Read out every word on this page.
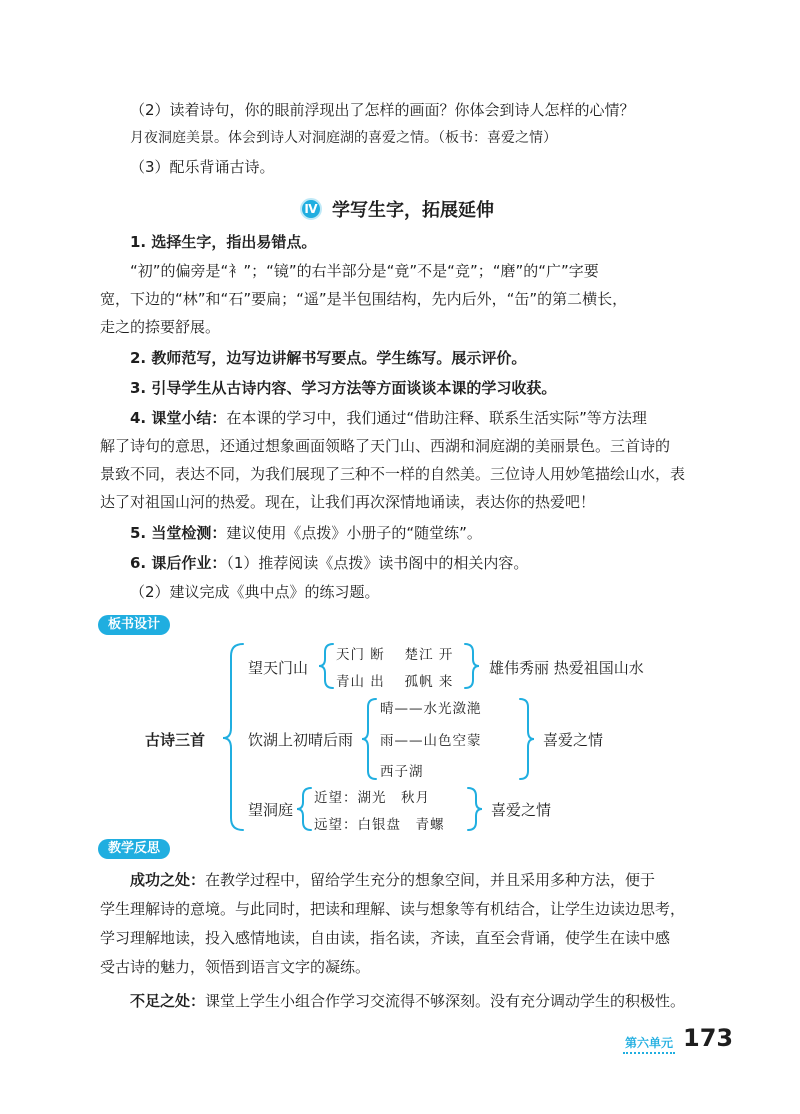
（2）读着诗句，你的眼前浮现出了怎样的画面？你体会到诗人怎样的心情？

月夜洞庭美景。体会到诗人对洞庭湖的喜爱之情。（板书：喜爱之情）

（3）配乐背诵古诗。

Ⅳ 学写生字，拓展延伸

1. 选择生字，指出易错点。

“初”的偏旁是“衤”；“镜”的右半部分是“竟”不是“竞”；“磨”的“广”字要

宽，下边的“林”和“石”要扁；“遥”是半包围结构，先内后外，“缶”的第二横长，

走之的捺要舒展。

2. 教师范写，边写边讲解书写要点。学生练写。展示评价。

3. 引导学生从古诗内容、学习方法等方面谈谈本课的学习收获。

4. 课堂小结：在本课的学习中，我们通过“借助注释、联系生活实际”等方法理

解了诗句的意思，还通过想象画面领略了天门山、西湖和洞庭湖的美丽景色。三首诗的

景致不同，表达不同，为我们展现了三种不一样的自然美。三位诗人用妙笔描绘山水，表

达了对祖国山河的热爱。现在，让我们再次深情地诵读，表达你的热爱吧！

5. 当堂检测：建议使用《点拨》小册子的“随堂练”。

6. 课后作业：（1）推荐阅读《点拨》读书阁中的相关内容。

（2）建议完成《典中点》的练习题。

板书设计
古诗三首
望天门山
天门 断　 楚江 开
青山 出　 孤帆 来
雄伟秀丽 热爱祖国山水
饮湖上初晴后雨
晴——水光潋滟
雨——山色空蒙
西子湖
喜爱之情
望洞庭
近望：湖光　秋月
远望：白银盘　青螺
喜爱之情
教学反思

成功之处：在教学过程中，留给学生充分的想象空间，并且采用多种方法，便于

学生理解诗的意境。与此同时，把读和理解、读与想象等有机结合，让学生边读边思考，

学习理解地读，投入感情地读，自由读，指名读，齐读，直至会背诵，使学生在读中感

受古诗的魅力，领悟到语言文字的凝练。

不足之处：课堂上学生小组合作学习交流得不够深刻。没有充分调动学生的积极性。

第六单元 173
